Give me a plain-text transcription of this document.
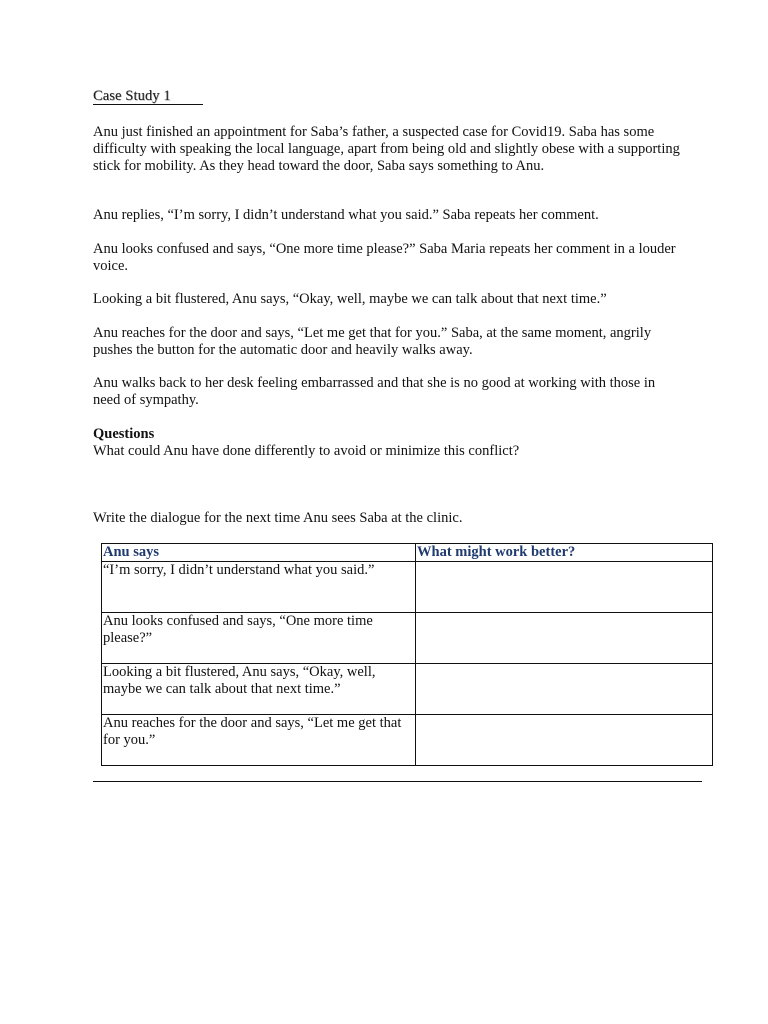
Case Study 1

Anu just finished an appointment for Saba’s father, a suspected case for Covid19. Saba has some difficulty with speaking the local language, apart from being old and slightly obese with a supporting stick for mobility. As they head toward the door, Saba says something to Anu.

Anu replies, “I’m sorry, I didn’t understand what you said.” Saba repeats her comment.

Anu looks confused and says, “One more time please?” Saba Maria repeats her comment in a louder voice.

Looking a bit flustered, Anu says, “Okay, well, maybe we can talk about that next time.”

Anu reaches for the door and says, “Let me get that for you.” Saba, at the same moment, angrily pushes the button for the automatic door and heavily walks away.

Anu walks back to her desk feeling embarrassed and that she is no good at working with those in need of sympathy.

Questions

What could Anu have done differently to avoid or minimize this conflict?

Write the dialogue for the next time Anu sees Saba at the clinic.

Anu says	What might work better?
“I’m sorry, I didn’t understand what you said.”	
Anu looks confused and says, “One more time please?”	
Looking a bit flustered, Anu says, “Okay, well, maybe we can talk about that next time.”	
Anu reaches for the door and says, “Let me get that for you.”	
